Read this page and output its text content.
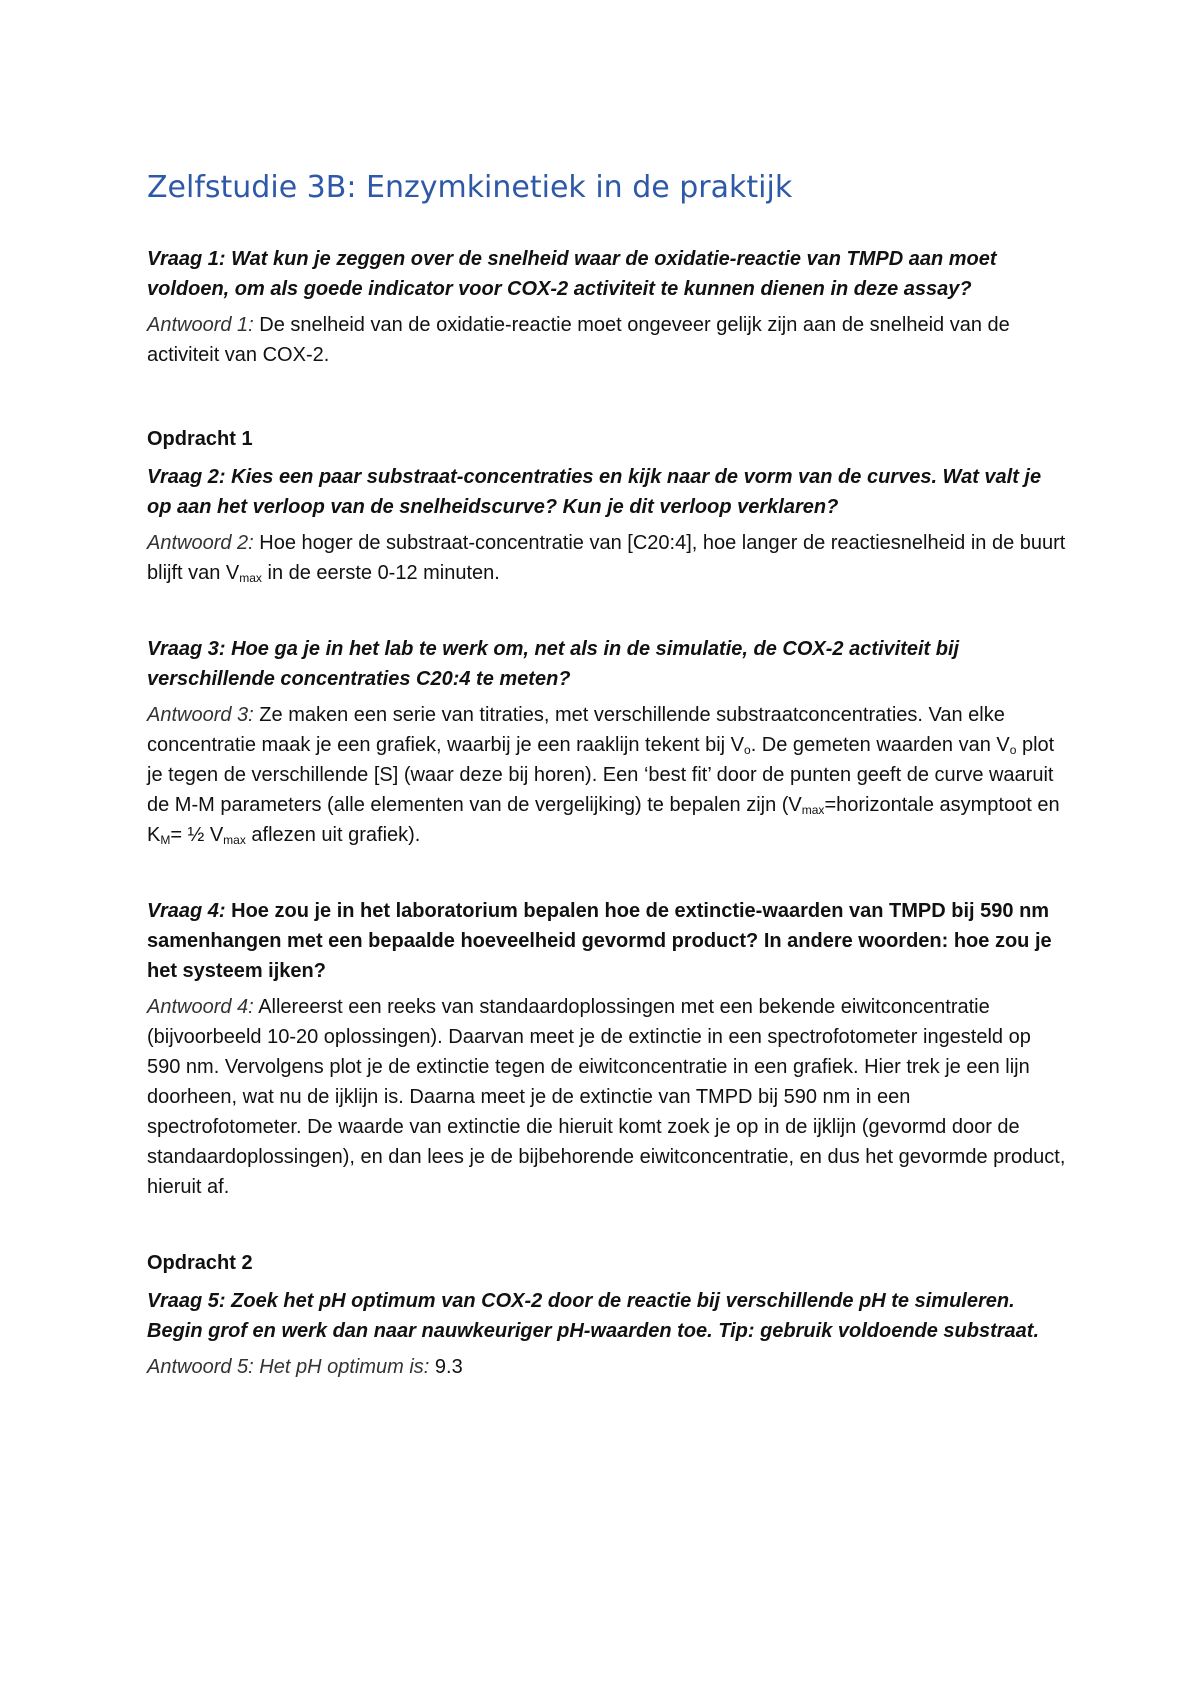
Zelfstudie 3B: Enzymkinetiek in de praktijk

Vraag 1: Wat kun je zeggen over de snelheid waar de oxidatie-reactie van TMPD aan moet voldoen, om als goede indicator voor COX-2 activiteit te kunnen dienen in deze assay?

Antwoord 1: De snelheid van de oxidatie-reactie moet ongeveer gelijk zijn aan de snelheid van de activiteit van COX-2.

Opdracht 1

Vraag 2: Kies een paar substraat-concentraties en kijk naar de vorm van de curves. Wat valt je op aan het verloop van de snelheidscurve? Kun je dit verloop verklaren?

Antwoord 2: Hoe hoger de substraat-concentratie van [C20:4], hoe langer de reactiesnelheid in de buurt blijft van $V_{max}$ in de eerste 0-12 minuten.

Vraag 3: Hoe ga je in het lab te werk om, net als in de simulatie, de COX-2 activiteit bij verschillende concentraties C20:4 te meten?

Antwoord 3: Ze maken een serie van titraties, met verschillende substraatconcentraties. Van elke concentratie maak je een grafiek, waarbij je een raaklijn tekent bij $V_o$. De gemeten waarden van $V_o$ plot je tegen de verschillende [S] (waar deze bij horen). Een ‘best fit’ door de punten geeft de curve waaruit de M-M parameters (alle elementen van de vergelijking) te bepalen zijn ($V_{max}=horizontale$ asymptoot en $K_M=$ ½ $V_{max}$ aflezen uit grafiek).

Vraag 4: Hoe zou je in het laboratorium bepalen hoe de extinctie-waarden van TMPD bij 590 nm samenhangen met een bepaalde hoeveelheid gevormd product? In andere woorden: hoe zou je het systeem ijken?

Antwoord 4: Allereerst een reeks van standaardoplossingen met een bekende eiwitconcentratie (bijvoorbeeld 10-20 oplossingen). Daarvan meet je de extinctie in een spectrofotometer ingesteld op 590 nm. Vervolgens plot je de extinctie tegen de eiwitconcentratie in een grafiek. Hier trek je een lijn doorheen, wat nu de ijklijn is. Daarna meet je de extinctie van TMPD bij 590 nm in een spectrofotometer. De waarde van extinctie die hieruit komt zoek je op in de ijklijn (gevormd door de standaardoplossingen), en dan lees je de bijbehorende eiwitconcentratie, en dus het gevormde product, hieruit af.

Opdracht 2

Vraag 5: Zoek het pH optimum van COX-2 door de reactie bij verschillende pH te simuleren. Begin grof en werk dan naar nauwkeuriger pH-waarden toe. Tip: gebruik voldoende substraat.

Antwoord 5: Het pH optimum is: 9.3
